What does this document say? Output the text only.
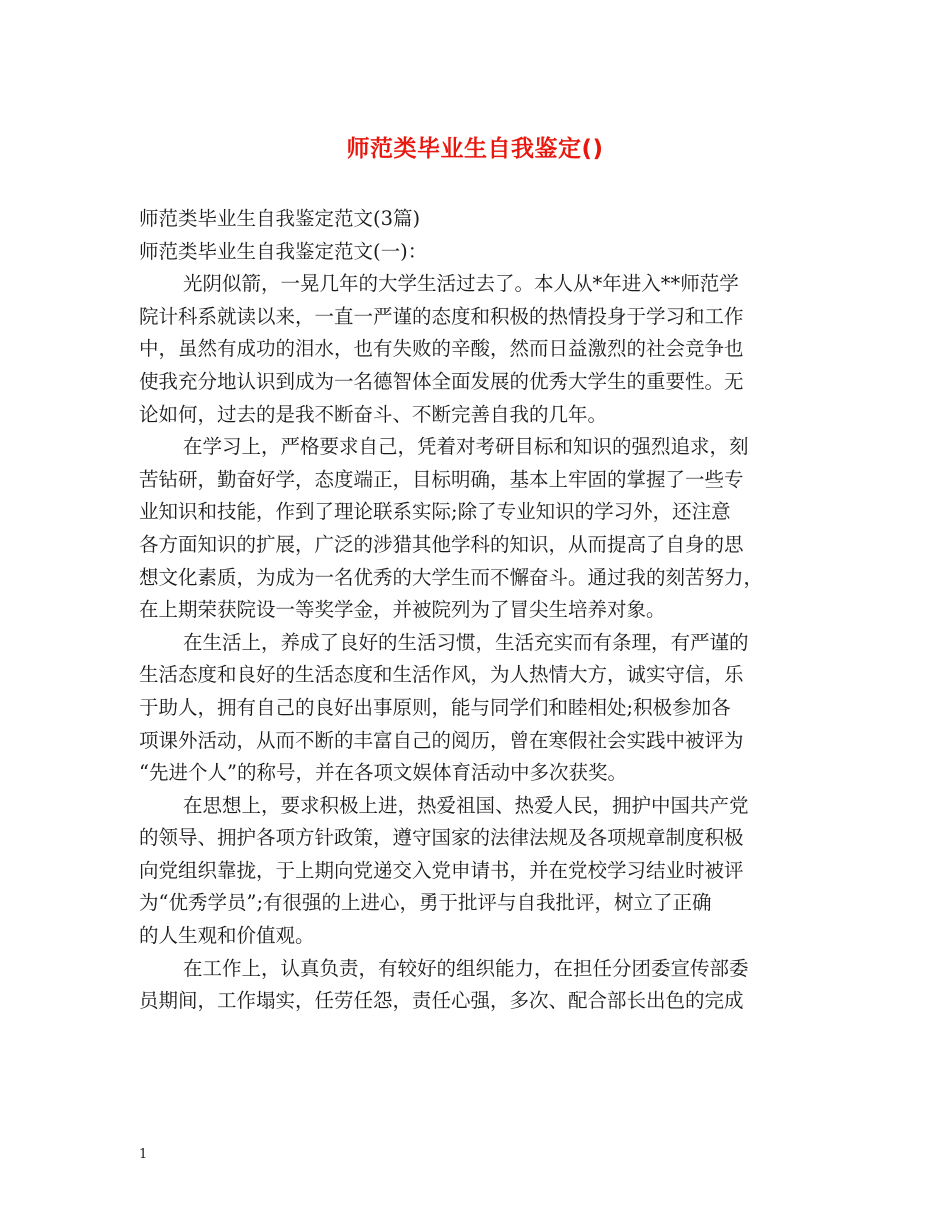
师范类毕业生自我鉴定()
师范类毕业生自我鉴定范文(3篇)
师范类毕业生自我鉴定范文(一)：
光阴似箭，一晃几年的大学生活过去了。本人从*年进入**师范学
院计科系就读以来，一直一严谨的态度和积极的热情投身于学习和工作
中，虽然有成功的泪水，也有失败的辛酸，然而日益激烈的社会竞争也
使我充分地认识到成为一名德智体全面发展的优秀大学生的重要性。无
论如何，过去的是我不断奋斗、不断完善自我的几年。
在学习上，严格要求自己，凭着对考研目标和知识的强烈追求，刻
苦钻研，勤奋好学，态度端正，目标明确，基本上牢固的掌握了一些专
业知识和技能，作到了理论联系实际;除了专业知识的学习外，还注意
各方面知识的扩展，广泛的涉猎其他学科的知识，从而提高了自身的思
想文化素质，为成为一名优秀的大学生而不懈奋斗。通过我的刻苦努力，
在上期荣获院设一等奖学金，并被院列为了冒尖生培养对象。
在生活上，养成了良好的生活习惯，生活充实而有条理，有严谨的
生活态度和良好的生活态度和生活作风，为人热情大方，诚实守信，乐
于助人，拥有自己的良好出事原则，能与同学们和睦相处;积极参加各
项课外活动，从而不断的丰富自己的阅历，曾在寒假社会实践中被评为
“先进个人”的称号，并在各项文娱体育活动中多次获奖。
在思想上，要求积极上进，热爱祖国、热爱人民，拥护中国共产党
的领导、拥护各项方针政策，遵守国家的法律法规及各项规章制度积极
向党组织靠拢，于上期向党递交入党申请书，并在党校学习结业时被评
为“优秀学员”;有很强的上进心，勇于批评与自我批评，树立了正确
的人生观和价值观。
在工作上，认真负责，有较好的组织能力，在担任分团委宣传部委
员期间，工作塌实，任劳任怨，责任心强，多次、配合部长出色的完成
1
